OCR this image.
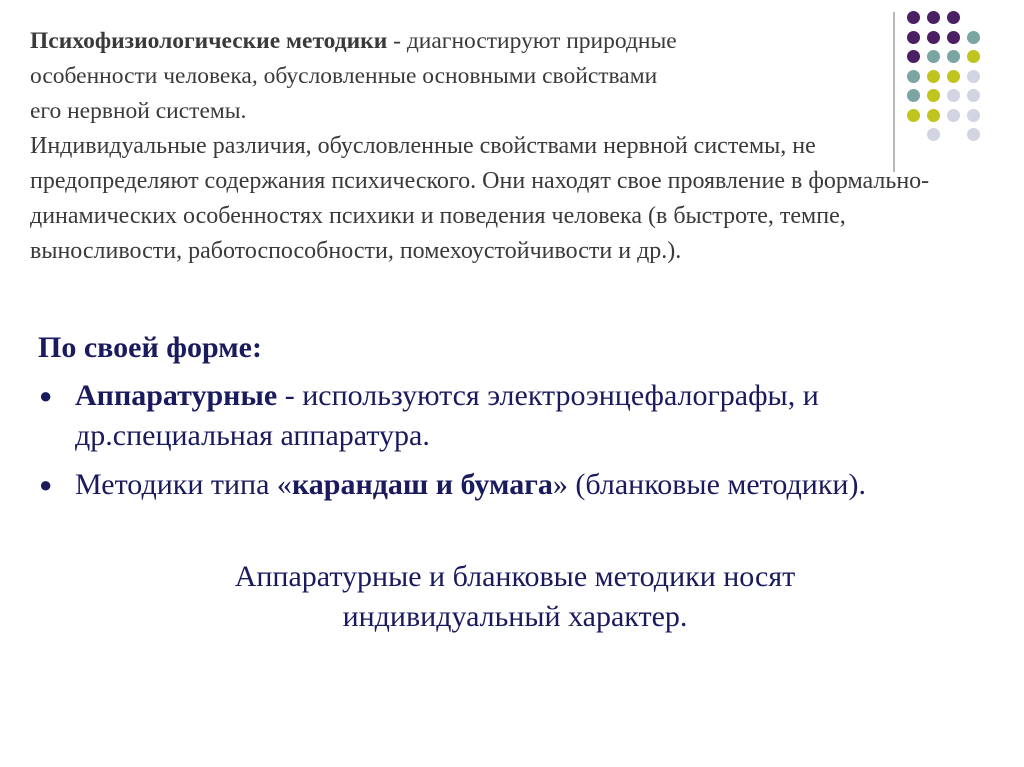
Психофизиологические методики - диагностируют природные

особенности человека, обусловленные основными свойствами

его нервной системы.

Индивидуальные различия, обусловленные свойствами нервной системы, не предопределяют содержания психического. Они находят свое проявление в формально-динамических особенностях психики и поведения человека (в быстроте, темпе, выносливости, работоспособности, помехоустойчивости и др.).

По своей форме:
● Аппаратурные - используются электроэнцефалографы, и др.специальная аппаратура.
● Методики типа «карандаш и бумага» (бланковые методики).
Аппаратурные и бланковые методики носят индивидуальный характер.
